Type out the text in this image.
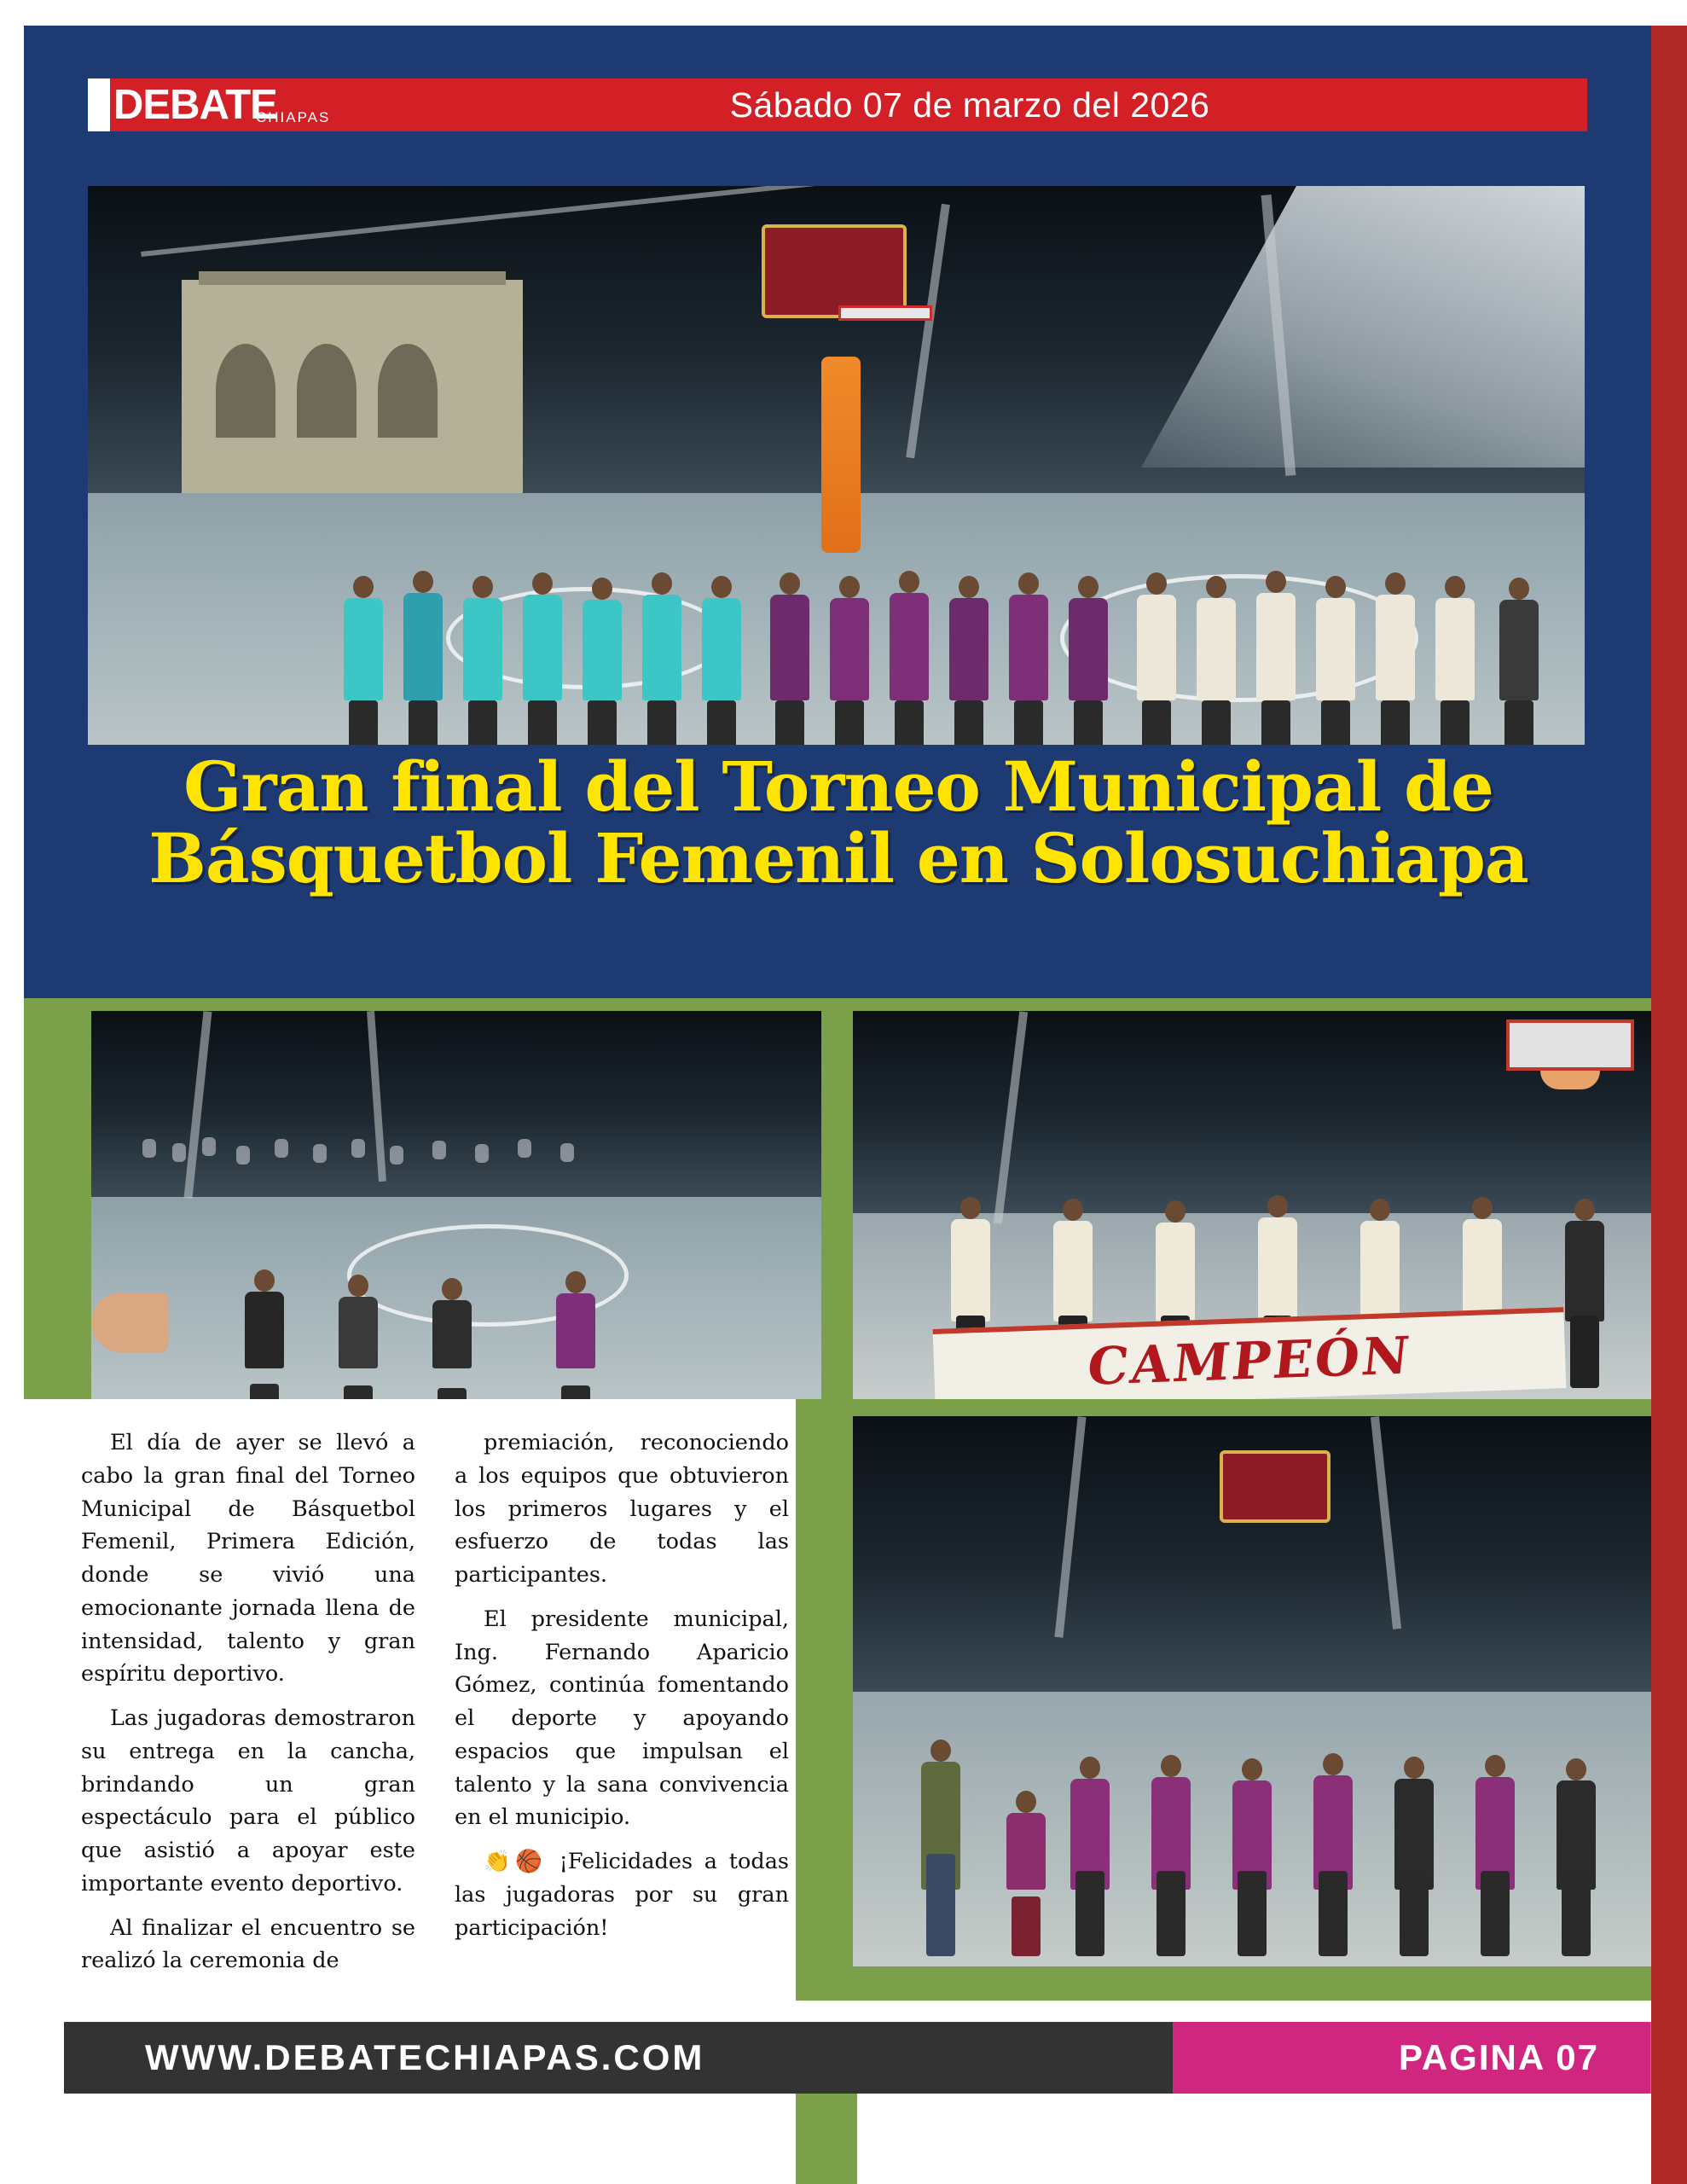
DEBATE
CHIAPAS	Sábado 07 de marzo del 2026
Gran final del Torneo Municipal de
Básquetbol Femenil en Solosuchiapa
CAMPEÓN

El día de ayer se llevó a cabo la gran final del Torneo Municipal de Básquetbol Femenil, Primera Edición, donde se vivió una emocionante jornada llena de intensidad, talento y gran espíritu deportivo.

Las jugadoras demostraron su entrega en la cancha, brindando un gran espectáculo para el público que asistió a apoyar este importante evento deportivo.

Al finalizar el encuentro se realizó la ceremonia de

premiación, reconociendo a los equipos que obtuvieron los primeros lugares y el esfuerzo de todas las participantes.

El presidente municipal, Ing. Fernando Aparicio Gómez, continúa fomentando el deporte y apoyando espacios que impulsan el talento y la sana convivencia en el municipio.

👏🏀 ¡Felicidades a todas las jugadoras por su gran participación!

WWW.DEBATECHIAPAS.COM	PAGINA 07
